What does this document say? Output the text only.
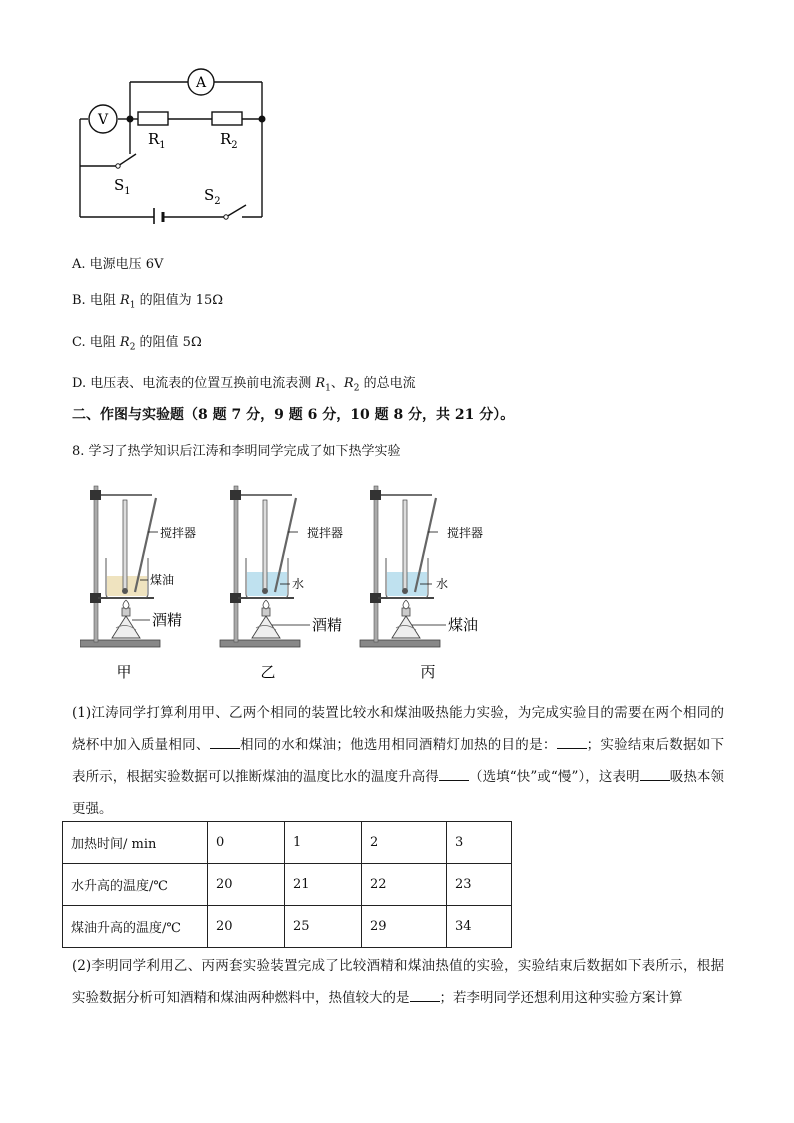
A
V
$R_1$	$R_2$
$S_1$	$S_2$
A. 电源电压 6V
B. 电阻 $R_1$ 的阻值为 15Ω
C. 电阻 $R_2$ 的阻值 5Ω
D. 电压表、电流表的位置互换前电流表测 $R_1$、$R_2$ 的总电流
二、作图与实验题（8 题 7 分，9 题 6 分，10 题 8 分，共 21 分）。
8. 学习了热学知识后江涛和李明同学完成了如下热学实验
搅拌器
煤油
酒精
甲
搅拌器
水
酒精
乙
搅拌器
水
煤油
丙
(1)江涛同学打算利用甲、乙两个相同的装置比较水和煤油吸热能力实验，为完成实验目的需要在两个相同的烧杯中加入质量相同、 相同的水和煤油；他选用相同酒精灯加热的目的是： ；实验结束后数据如下表所示，根据实验数据可以推断煤油的温度比水的温度升高得 （选填“快”或“慢”），这表明 吸热本领更强。
加热时间/ min	0	1	2	3
水升高的温度/℃	20	21	22	23
煤油升高的温度/℃	20	25	29	34
(2)李明同学利用乙、丙两套实验装置完成了比较酒精和煤油热值的实验，实验结束后数据如下表所示，根据实验数据分析可知酒精和煤油两种燃料中，热值较大的是 ；若李明同学还想利用这种实验方案计算
